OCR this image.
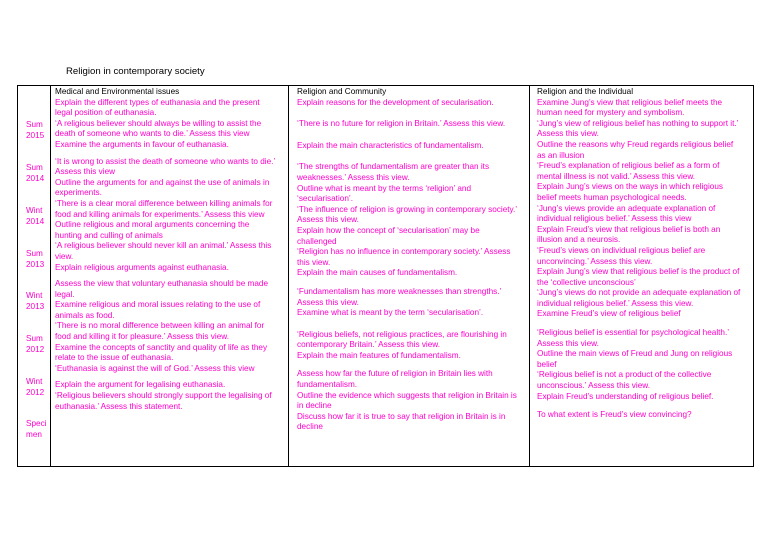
Religion in contemporary society
Sum
2015
Sum
2014
Wint
2014
Sum
2013
Wint
2013
Sum
2012
Wint
2012
Speci
men
Medical and Environmental issues
Explain the different types of euthanasia and the present
legal position of euthanasia.
‘A religious believer should always be willing to assist the
death of someone who wants to die.’ Assess this view
Examine the arguments in favour of euthanasia.
‘It is wrong to assist the death of someone who wants to die.’
Assess this view
Outline the arguments for and against the use of animals in
experiments.
‘There is a clear moral difference between killing animals for
food and killing animals for experiments.’ Assess this view
Outline religious and moral arguments concerning the
hunting and culling of animals
‘A religious believer should never kill an animal.’ Assess this
view.
Explain religious arguments against euthanasia.
Assess the view that voluntary euthanasia should be made
legal.
Examine religious and moral issues relating to the use of
animals as food.
‘There is no moral difference between killing an animal for
food and killing it for pleasure.’ Assess this view.
Examine the concepts of sanctity and quality of life as they
relate to the issue of euthanasia.
‘Euthanasia is against the will of God.’ Assess this view
Explain the argument for legalising euthanasia.
‘Religious believers should strongly support the legalising of
euthanasia.’ Assess this statement.
Religion and Community
Explain reasons for the development of secularisation.
‘There is no future for religion in Britain.’ Assess this view.
Explain the main characteristics of fundamentalism.
‘The strengths of fundamentalism are greater than its
weaknesses.’ Assess this view.
Outline what is meant by the terms ‘religion’ and
‘secularisation’.
‘The influence of religion is growing in contemporary society.’
Assess this view.
Explain how the concept of ‘secularisation’ may be
challenged
‘Religion has no influence in contemporary society.’ Assess
this view.
Explain the main causes of fundamentalism.
‘Fundamentalism has more weaknesses than strengths.’
Assess this view.
Examine what is meant by the term ‘secularisation’.
‘Religious beliefs, not religious practices, are flourishing in
contemporary Britain.’ Assess this view.
Explain the main features of fundamentalism.
Assess how far the future of religion in Britain lies with
fundamentalism.
Outline the evidence which suggests that religion in Britain is
in decline
Discuss how far it is true to say that religion in Britain is in
decline
Religion and the Individual
Examine Jung’s view that religious belief meets the
human need for mystery and symbolism.
‘Jung’s view of religious belief has nothing to support it.’
Assess this view.
Outline the reasons why Freud regards religious belief
as an illusion
‘Freud’s explanation of religious belief as a form of
mental illness is not valid.’ Assess this view.
Explain Jung’s views on the ways in which religious
belief meets human psychological needs.
‘Jung’s views provide an adequate explanation of
individual religious belief.’ Assess this view
Explain Freud’s view that religious belief is both an
illusion and a neurosis.
‘Freud’s views on individual religious belief are
unconvincing.’ Assess this view.
Explain Jung’s view that religious belief is the product of
the ‘collective unconscious’
‘Jung’s views do not provide an adequate explanation of
individual religious belief.’ Assess this view.
Examine Freud’s view of religious belief
‘Religious belief is essential for psychological health.’
Assess this view.
Outline the main views of Freud and Jung on religious
belief
‘Religious belief is not a product of the collective
unconscious.’ Assess this view.
Explain Freud’s understanding of religious belief.
To what extent is Freud’s view convincing?
